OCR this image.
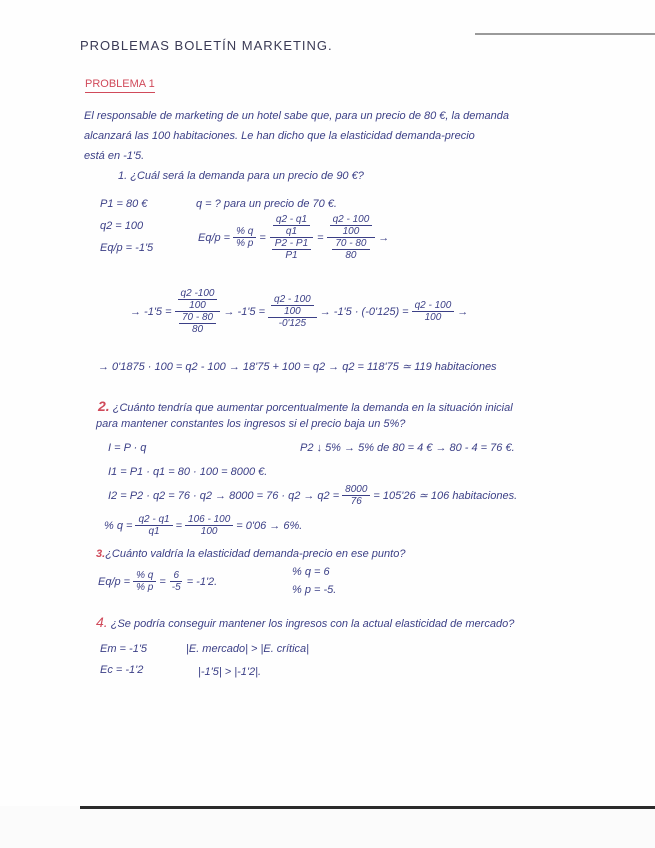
PROBLEMAS BOLETÍN MARKETING.
PROBLEMA 1
El responsable de marketing de un hotel sabe que, para un precio de 80 €, la demanda
alcanzará las 100 habitaciones. Le han dicho que la elasticidad demanda-precio
está en -1'5.
1. ¿Cuál será la demanda para un precio de 90 €?
P1 = 80 €
q2 = 100
Eq/p = -1'5
q = ? para un precio de 70 €.
$Eq/p = \frac{\% q}{\% p} = \frac{\frac{q2 - q1}{q1}}{\frac{P2 - P1}{P1}} = \frac{\frac{q2 - 100}{100}}{\frac{70 - 80}{80}}$ →
→ $-1'5 = \frac{\frac{q2 -100}{100}}{\frac{70 - 80}{80}} \to -1'5 = \frac{\frac{q2 - 100}{100}}{-0'125} \to -1'5 \cdot (-0'125) = \frac{q2 - 100}{100}$ →
→ 0'1875 · 100 = q2 - 100 → 18'75 + 100 = q2 → q2 = 118'75 ≃ 119 habitaciones
2. ¿Cuánto tendría que aumentar porcentualmente la demanda en la situación inicial
para mantener constantes los ingresos si el precio baja un 5%?
I = P · q	P2 ↓ 5% → 5% de 80 = 4 € → 80 - 4 = 76 €.
I1 = P1 · q1 = 80 · 100 = 8000 €.
$I2 = P2 \cdot q2 = 76 \cdot q2 \to 8000 = 76 \cdot q2 \to q2 = \frac{8000}{76} = 105'26$ ≃ 106 habitaciones.
% $q = \frac{q2 - q1}{q1} = \frac{106 - 100}{100} = 0'06 \to 6\%$.
3.¿Cuánto valdría la elasticidad demanda-precio en ese punto?
$Eq/p = \frac{\% q}{\% p} = \frac{6}{-5} = -1'2$.
% q = 6
% p = -5.
4. ¿Se podría conseguir mantener los ingresos con la actual elasticidad de mercado?
Em = -1'5
Ec = -1'2
|E. mercado| > |E. crítica|
|-1'5| > |-1'2|.
